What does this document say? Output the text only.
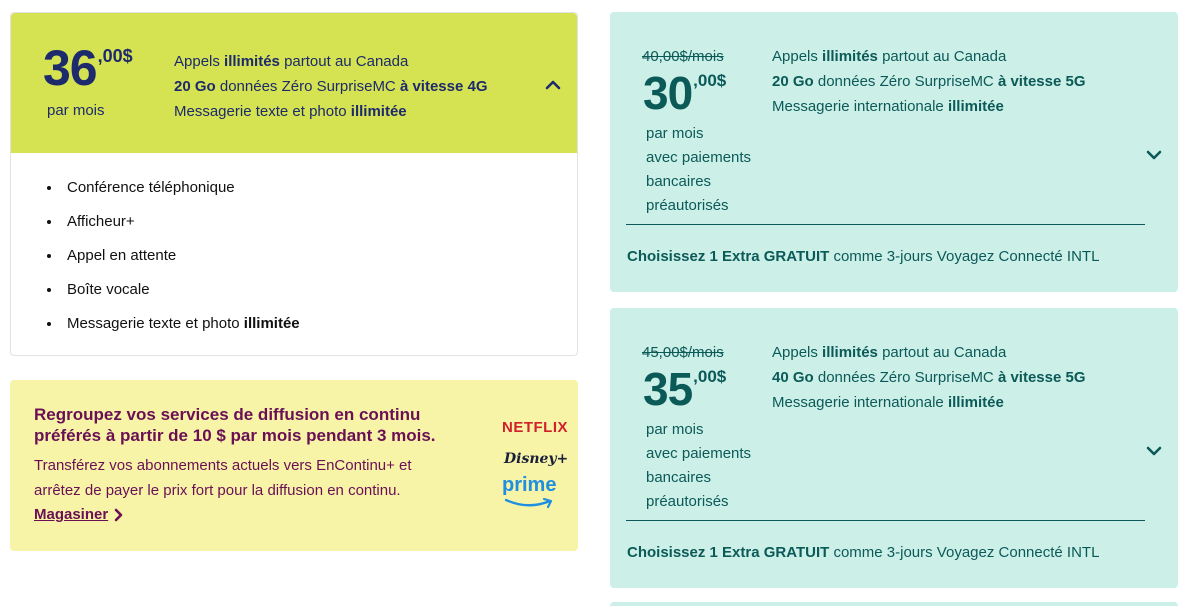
$36^{,00\$}$
par mois
Appels illimités partout au Canada
20 Go données Zéro SurpriseMC à vitesse 4G
Messagerie texte et photo illimitée
Conférence téléphonique
Afficheur+
Appel en attente
Boîte vocale
Messagerie texte et photo illimitée
Regroupez vos services de diffusion en continu préférés à partir de 10 $ par mois pendant 3 mois.
Transférez vos abonnements actuels vers EnContinu+ et arrêtez de payer le prix fort pour la diffusion en continu.
Magasiner
NETFLIX
Disney+
prime
40,00$/mois
$30^{,00\$}$
par mois
avec paiements
bancaires
préautorisés
Appels illimités partout au Canada
20 Go données Zéro SurpriseMC à vitesse 5G
Messagerie internationale illimitée
Choisissez 1 Extra GRATUIT comme 3-jours Voyagez Connecté INTL
45,00$/mois
$35^{,00\$}$
par mois
avec paiements
bancaires
préautorisés
Appels illimités partout au Canada
40 Go données Zéro SurpriseMC à vitesse 5G
Messagerie internationale illimitée
Choisissez 1 Extra GRATUIT comme 3-jours Voyagez Connecté INTL
